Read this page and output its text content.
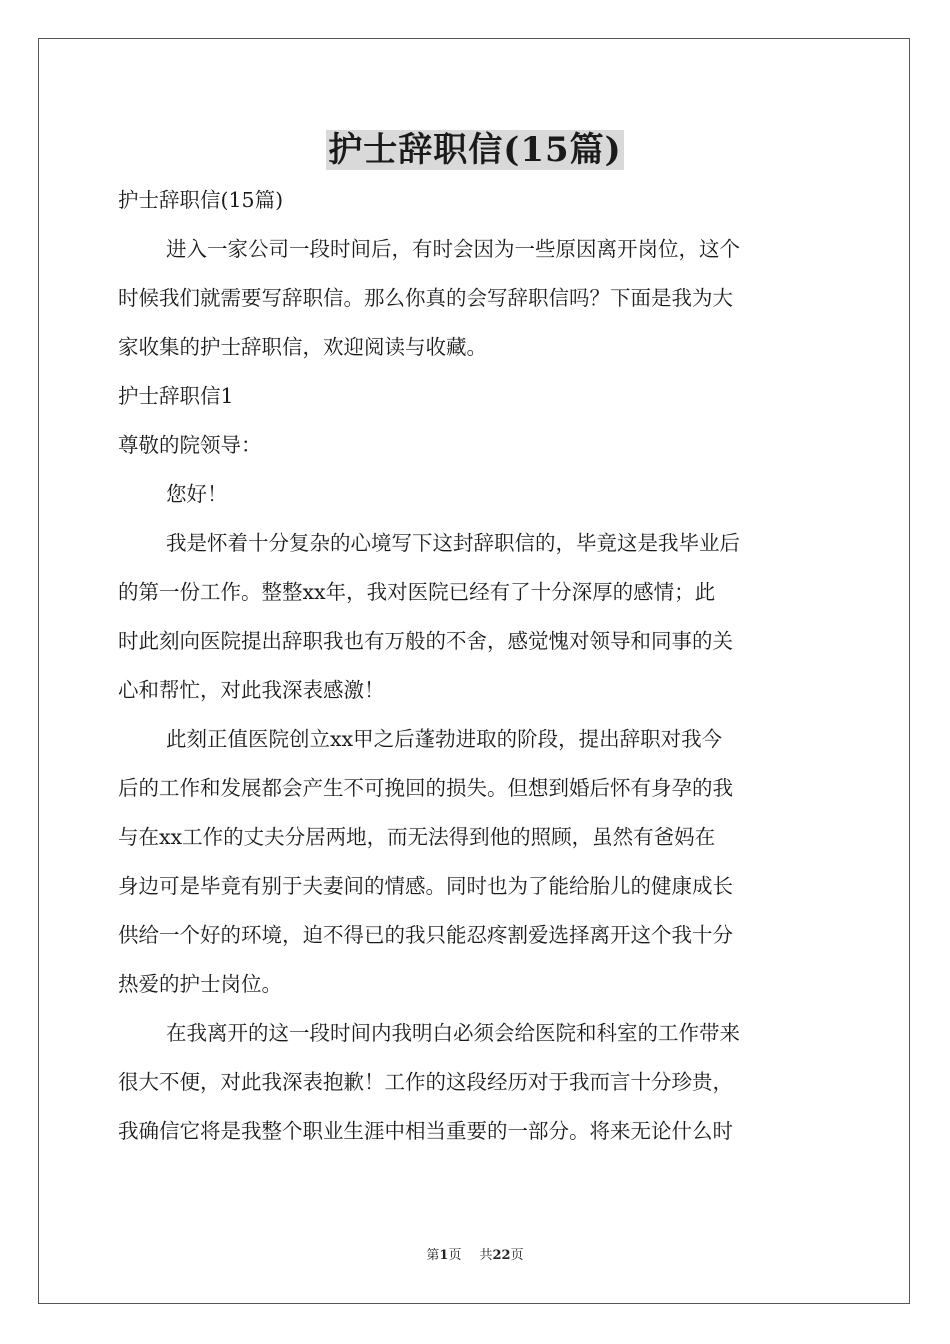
护士辞职信(15篇)

护士辞职信(15篇)

进入一家公司一段时间后，有时会因为一些原因离开岗位，这个

时候我们就需要写辞职信。那么你真的会写辞职信吗？下面是我为大

家收集的护士辞职信，欢迎阅读与收藏。

护士辞职信1

尊敬的院领导：

您好！

我是怀着十分复杂的心境写下这封辞职信的，毕竟这是我毕业后

的第一份工作。整整xx年，我对医院已经有了十分深厚的感情；此

时此刻向医院提出辞职我也有万般的不舍，感觉愧对领导和同事的关

心和帮忙，对此我深表感激！

此刻正值医院创立xx甲之后蓬勃进取的阶段，提出辞职对我今

后的工作和发展都会产生不可挽回的损失。但想到婚后怀有身孕的我

与在xx工作的丈夫分居两地，而无法得到他的照顾，虽然有爸妈在

身边可是毕竟有别于夫妻间的情感。同时也为了能给胎儿的健康成长

供给一个好的环境，迫不得已的我只能忍疼割爱选择离开这个我十分

热爱的护士岗位。

在我离开的这一段时间内我明白必须会给医院和科室的工作带来

很大不便，对此我深表抱歉！工作的这段经历对于我而言十分珍贵，

我确信它将是我整个职业生涯中相当重要的一部分。将来无论什么时

第1页 共22页
